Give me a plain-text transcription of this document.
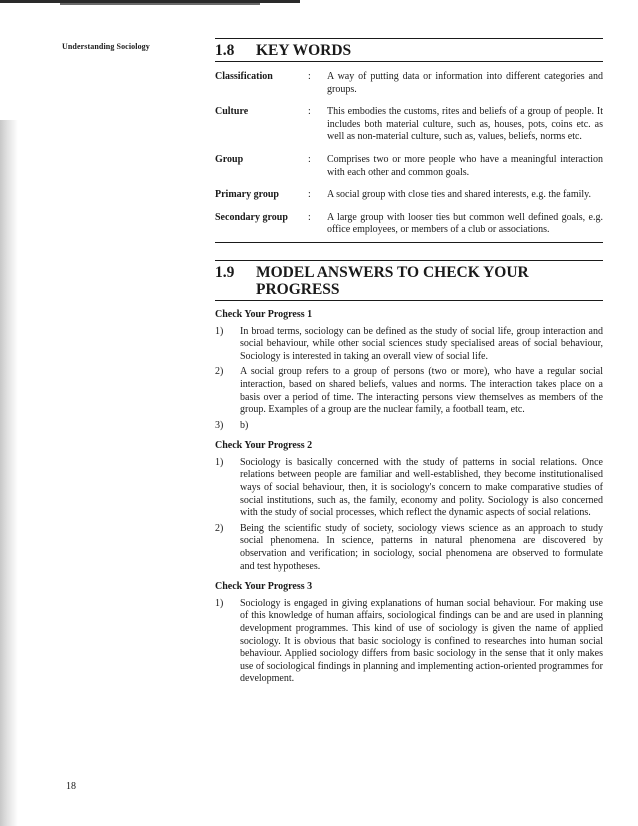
Understanding Sociology	1.8	KEY WORDS
Classification	:	A way of putting data or information into different categories and groups.
Culture	:	This embodies the customs, rites and beliefs of a group of people. It includes both material culture, such as, houses, pots, coins etc. as well as non-material culture, such as, values, beliefs, norms etc.
Group	:	Comprises two or more people who have a meaningful interaction with each other and common goals.
Primary group	:	A social group with close ties and shared interests, e.g. the family.
Secondary group	:	A large group with looser ties but common well defined goals, e.g. office employees, or members of a club or associations.
1.9	MODEL ANSWERS TO CHECK YOUR PROGRESS
Check Your Progress 1
1)	In broad terms, sociology can be defined as the study of social life, group interaction and social behaviour, while other social sciences study specialised areas of social behaviour, Sociology is interested in taking an overall view of social life.
2)	A social group refers to a group of persons (two or more), who have a regular social interaction, based on shared beliefs, values and norms. The interaction takes place on a basis over a period of time. The interacting persons view themselves as members of the group. Examples of a group are the nuclear family, a football team, etc.
3)	b)
Check Your Progress 2
1)	Sociology is basically concerned with the study of patterns in social relations. Once relations between people are familiar and well-established, they become institutionalised ways of social behaviour, then, it is sociology's concern to make comparative studies of social institutions, such as, the family, economy and polity. Sociology is also concerned with the study of social processes, which reflect the dynamic aspects of social relations.
2)	Being the scientific study of society, sociology views science as an approach to study social phenomena. In science, patterns in natural phenomena are discovered by observation and verification; in sociology, social phenomena are observed to formulate and test hypotheses.
Check Your Progress 3
1)	Sociology is engaged in giving explanations of human social behaviour. For making use of this knowledge of human affairs, sociological findings can be and are used in planning development programmes. This kind of use of sociology is given the name of applied sociology. It is obvious that basic sociology is confined to researches into human social behaviour. Applied sociology differs from basic sociology in the sense that it only makes use of sociological findings in planning and implementing action-oriented programmes for development.
18
